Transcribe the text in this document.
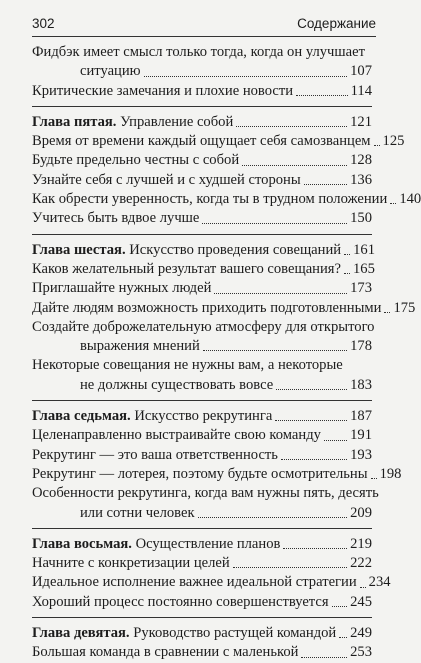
302	Содержание
Фидбэк имеет смысл только тогда, когда он улучшает
ситуацию	107
Критические замечания и плохие новости	114
Глава пятая. Управление собой	121
Время от времени каждый ощущает себя самозванцем 125
Будьте предельно честны с собой	128
Узнайте себя с лучшей и с худшей стороны	136
Как обрести уверенность, когда ты в трудном положении 140
Учитесь быть вдвое лучше	150
Глава шестая. Искусство проведения совещаний 161
Каков желательный результат вашего совещания? 165
Приглашайте нужных людей	173
Дайте людям возможность приходить подготовленными 175
Создайте доброжелательную атмосферу для открытого
выражения мнений	178
Некоторые совещания не нужны вам, а некоторые
не должны существовать вовсе	183
Глава седьмая. Искусство рекрутинга	187
Целенаправленно выстраивайте свою команду 191
Рекрутинг — это ваша ответственность	193
Рекрутинг — лотерея, поэтому будьте осмотрительны 198
Особенности рекрутинга, когда вам нужны пять, десять
или сотни человек	209
Глава восьмая. Осуществление планов	219
Начните с конкретизации целей	222
Идеальное исполнение важнее идеальной стратегии 234
Хороший процесс постоянно совершенствуется 245
Глава девятая. Руководство растущей командой 249
Большая команда в сравнении с маленькой	253
